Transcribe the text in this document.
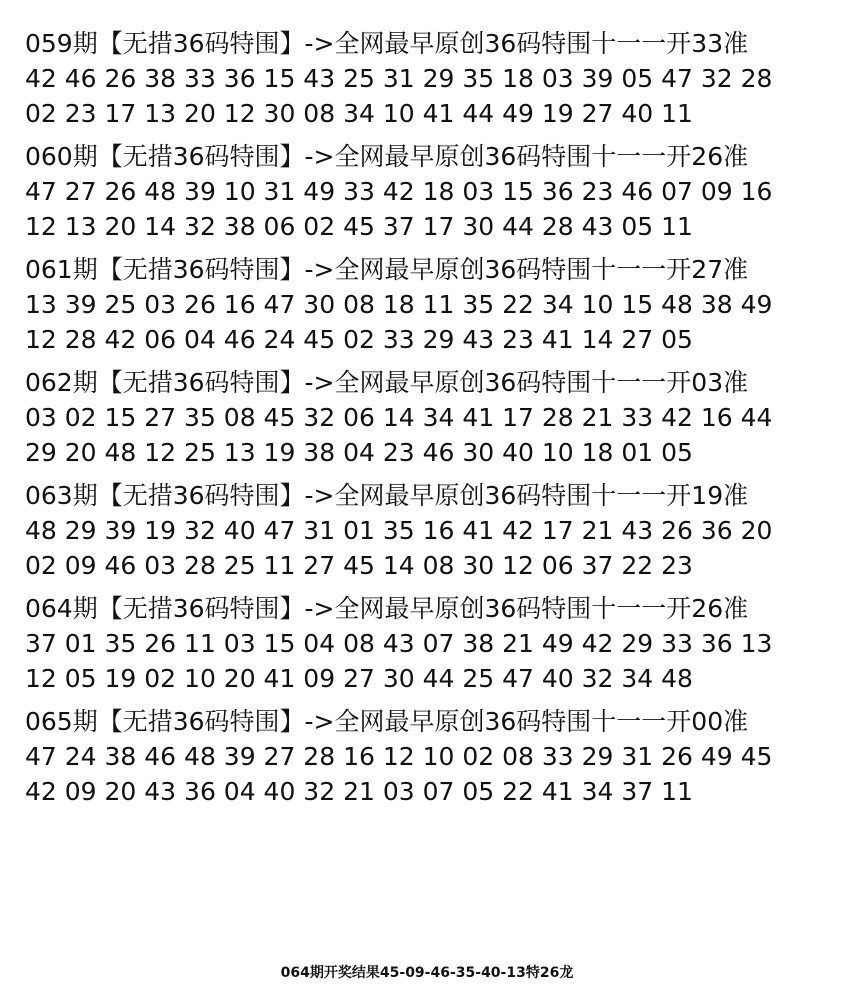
059期【无措36码特围】->全网最早原创36码特围十一一开33准
42 46 26 38 33 36 15 43 25 31 29 35 18 03 39 05 47 32 28
02 23 17 13 20 12 30 08 34 10 41 44 49 19 27 40 11
060期【无措36码特围】->全网最早原创36码特围十一一开26准
47 27 26 48 39 10 31 49 33 42 18 03 15 36 23 46 07 09 16
12 13 20 14 32 38 06 02 45 37 17 30 44 28 43 05 11
061期【无措36码特围】->全网最早原创36码特围十一一开27准
13 39 25 03 26 16 47 30 08 18 11 35 22 34 10 15 48 38 49
12 28 42 06 04 46 24 45 02 33 29 43 23 41 14 27 05
062期【无措36码特围】->全网最早原创36码特围十一一开03准
03 02 15 27 35 08 45 32 06 14 34 41 17 28 21 33 42 16 44
29 20 48 12 25 13 19 38 04 23 46 30 40 10 18 01 05
063期【无措36码特围】->全网最早原创36码特围十一一开19准
48 29 39 19 32 40 47 31 01 35 16 41 42 17 21 43 26 36 20
02 09 46 03 28 25 11 27 45 14 08 30 12 06 37 22 23
064期【无措36码特围】->全网最早原创36码特围十一一开26准
37 01 35 26 11 03 15 04 08 43 07 38 21 49 42 29 33 36 13
12 05 19 02 10 20 41 09 27 30 44 25 47 40 32 34 48
065期【无措36码特围】->全网最早原创36码特围十一一开00准
47 24 38 46 48 39 27 28 16 12 10 02 08 33 29 31 26 49 45
42 09 20 43 36 04 40 32 21 03 07 05 22 41 34 37 11
064期开奖结果45-09-46-35-40-13特26龙
